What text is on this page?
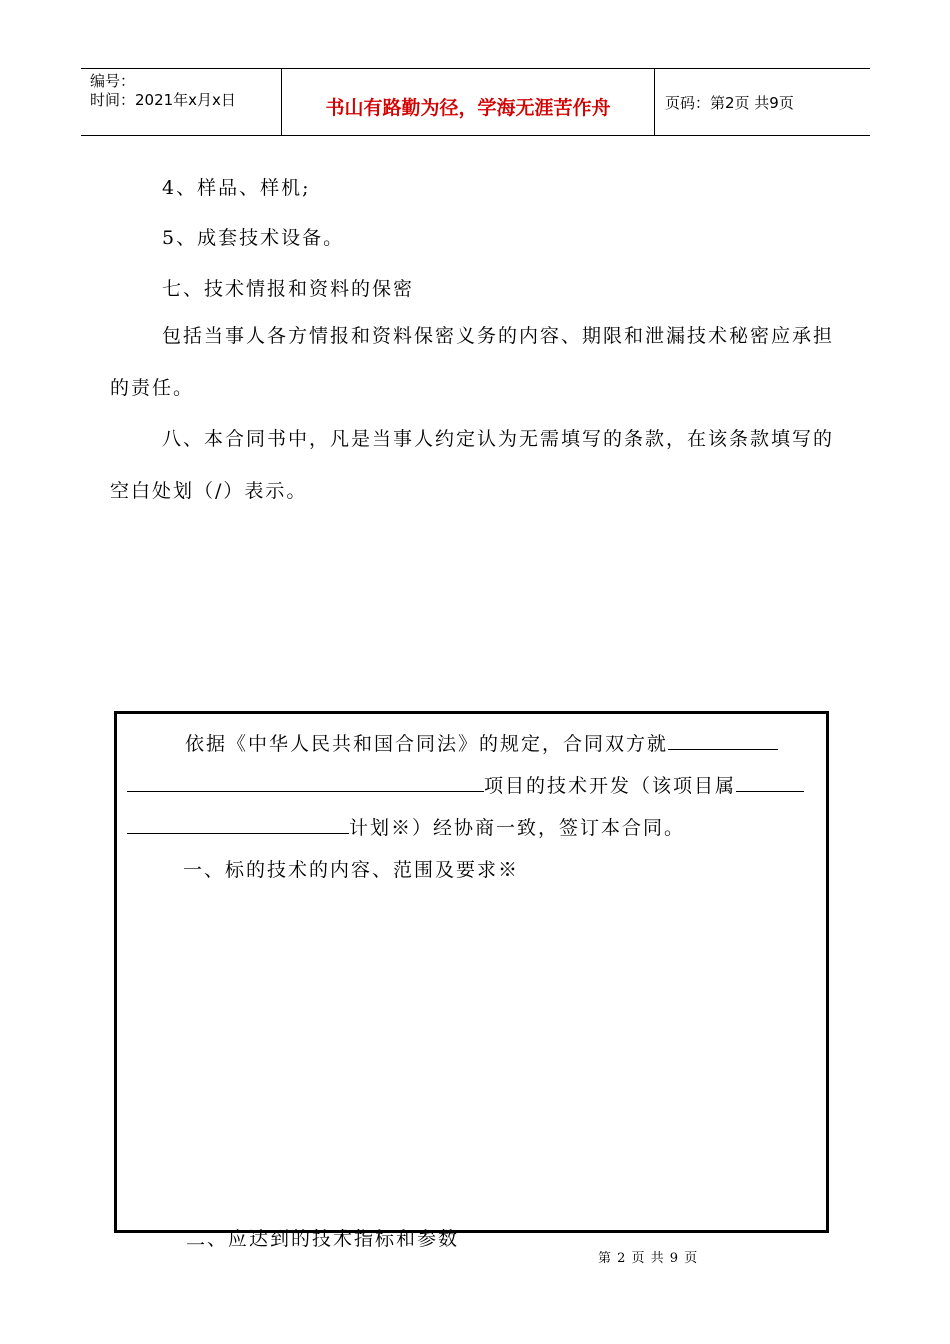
编号：
时间：2021年x月x日	书山有路勤为径，学海无涯苦作舟	页码：第2页 共9页
4、样品、样机;
5、成套技术设备。
七、技术情报和资料的保密
包括当事人各方情报和资料保密义务的内容、期限和泄漏技术秘密应承担的责任。
八、本合同书中，凡是当事人约定认为无需填写的条款，在该条款填写的空白处划（/）表示。
依据《中华人民共和国合同法》的规定，合同双方就
项目的技术开发（该项目属
计划※）经协商一致，签订本合同。
一、标的技术的内容、范围及要求※
二、应达到的技术指标和参数
第 2 页 共 9 页
